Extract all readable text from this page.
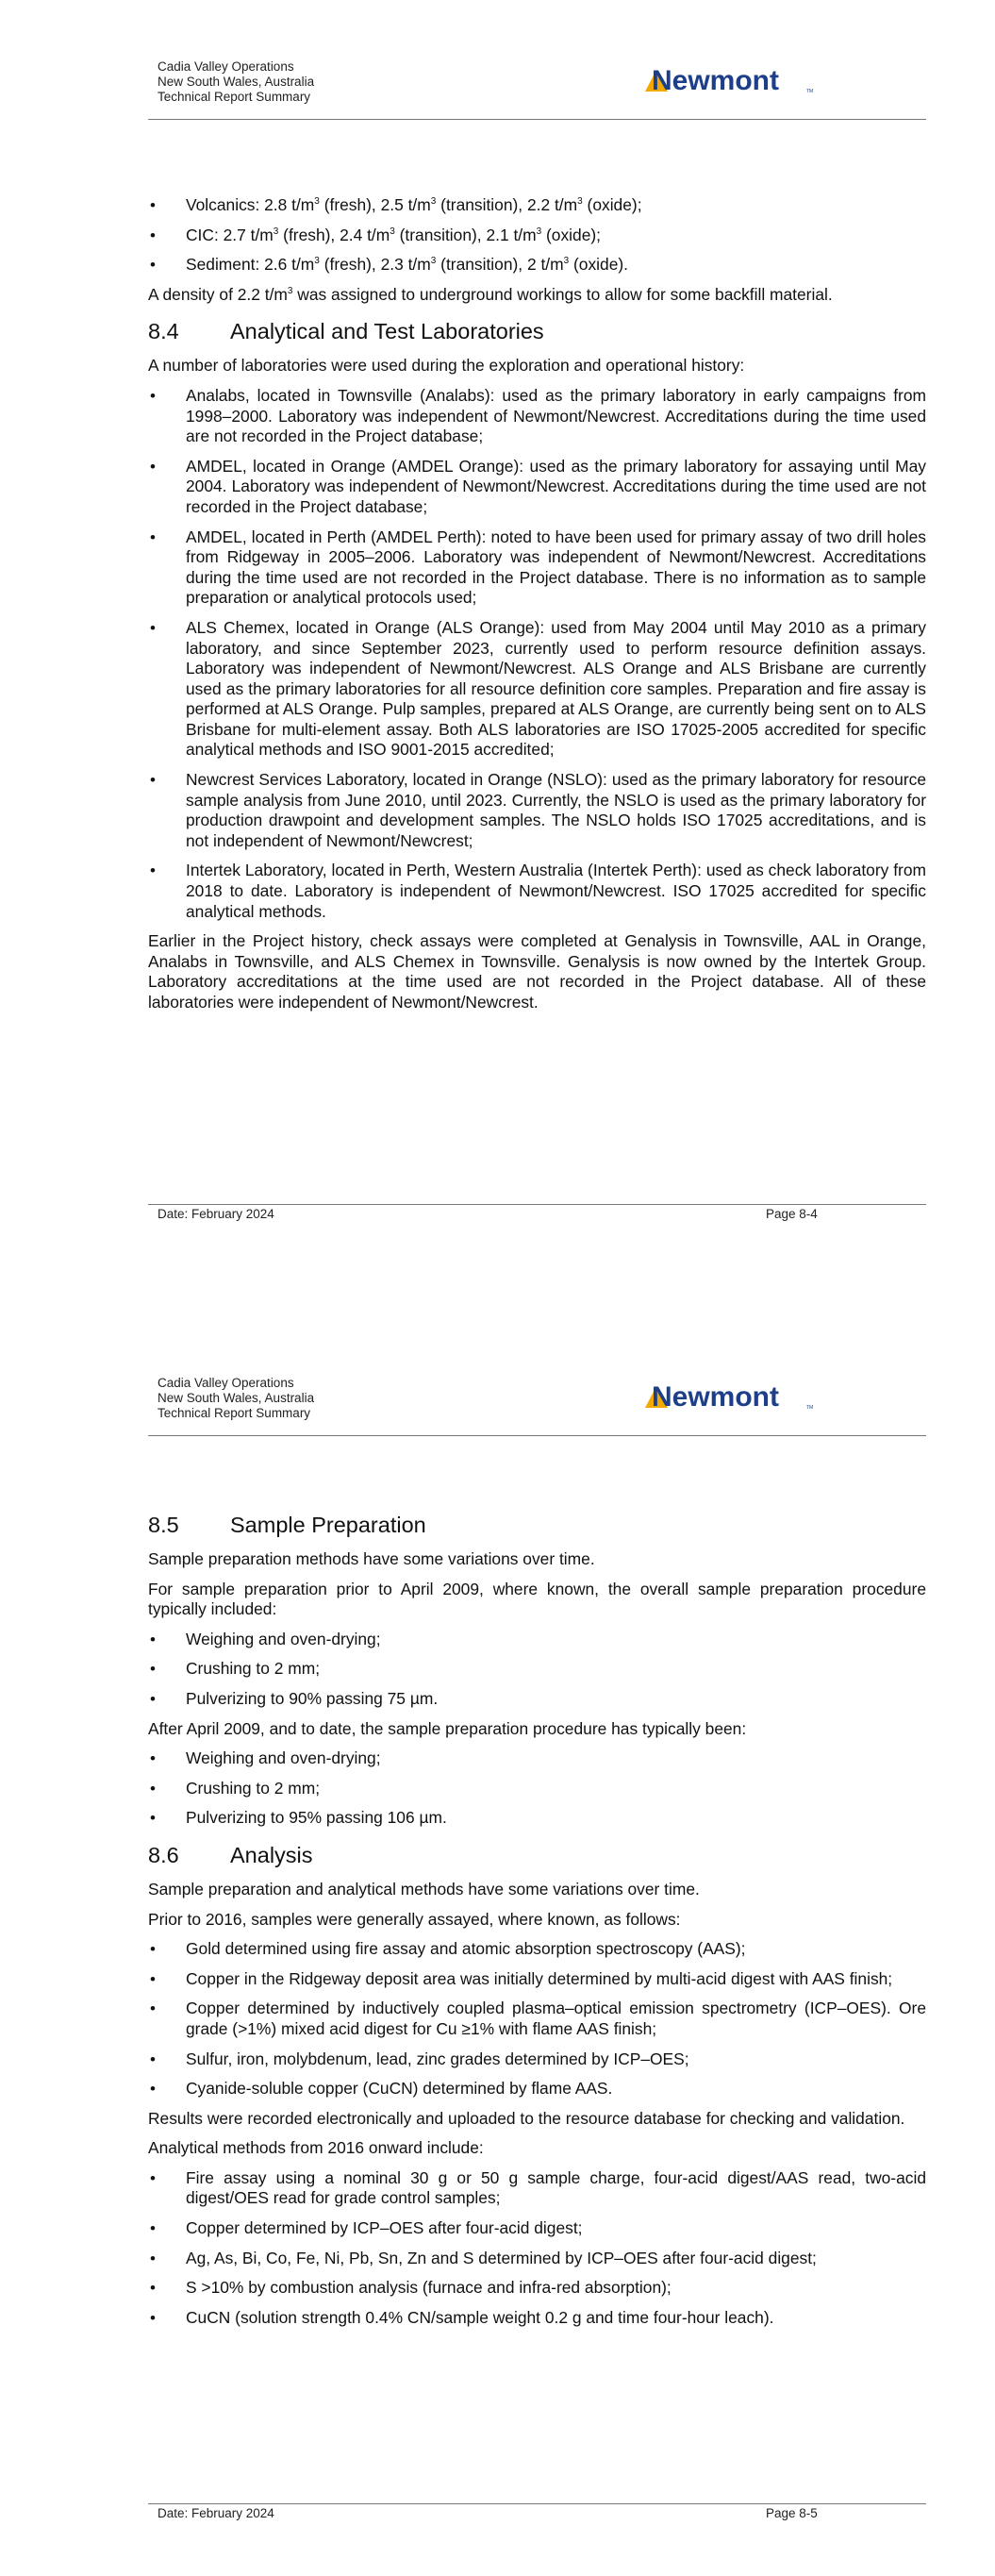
Cadia Valley Operations
New South Wales, Australia
Technical Report Summary
Newmont	TM
• Volcanics: 2.8 $t/m^3$ (fresh), 2.5 $t/m^3$ (transition), 2.2 $t/m^3$ (oxide);
• CIC: 2.7 $t/m^3$ (fresh), 2.4 $t/m^3$ (transition), 2.1 $t/m^3$ (oxide);
• Sediment: 2.6 $t/m^3$ (fresh), 2.3 $t/m^3$ (transition), 2 $t/m^3$ (oxide).

A density of 2.2 $t/m^3$ was assigned to underground workings to allow for some backfill material.

8.4 Analytical and Test Laboratories

A number of laboratories were used during the exploration and operational history:

• Analabs, located in Townsville (Analabs): used as the primary laboratory in early campaigns from 1998–2000. Laboratory was independent of Newmont/Newcrest. Accreditations during the time used are not recorded in the Project database;
• AMDEL, located in Orange (AMDEL Orange): used as the primary laboratory for assaying until May 2004. Laboratory was independent of Newmont/Newcrest. Accreditations during the time used are not recorded in the Project database;
• AMDEL, located in Perth (AMDEL Perth): noted to have been used for primary assay of two drill holes from Ridgeway in 2005–2006. Laboratory was independent of Newmont/Newcrest. Accreditations during the time used are not recorded in the Project database. There is no information as to sample preparation or analytical protocols used;
• ALS Chemex, located in Orange (ALS Orange): used from May 2004 until May 2010 as a primary laboratory, and since September 2023, currently used to perform resource definition assays. Laboratory was independent of Newmont/Newcrest. ALS Orange and ALS Brisbane are currently used as the primary laboratories for all resource definition core samples. Preparation and fire assay is performed at ALS Orange. Pulp samples, prepared at ALS Orange, are currently being sent on to ALS Brisbane for multi-element assay. Both ALS laboratories are ISO 17025-2005 accredited for specific analytical methods and ISO 9001-2015 accredited;
• Newcrest Services Laboratory, located in Orange (NSLO): used as the primary laboratory for resource sample analysis from June 2010, until 2023. Currently, the NSLO is used as the primary laboratory for production drawpoint and development samples. The NSLO holds ISO 17025 accreditations, and is not independent of Newmont/Newcrest;
• Intertek Laboratory, located in Perth, Western Australia (Intertek Perth): used as check laboratory from 2018 to date. Laboratory is independent of Newmont/Newcrest. ISO 17025 accredited for specific analytical methods.

Earlier in the Project history, check assays were completed at Genalysis in Townsville, AAL in Orange, Analabs in Townsville, and ALS Chemex in Townsville. Genalysis is now owned by the Intertek Group. Laboratory accreditations at the time used are not recorded in the Project database. All of these laboratories were independent of Newmont/Newcrest.

Date: February 2024	Page 8-4
Cadia Valley Operations
New South Wales, Australia
Technical Report Summary
Newmont	TM
8.5 Sample Preparation

Sample preparation methods have some variations over time.

For sample preparation prior to April 2009, where known, the overall sample preparation procedure typically included:

• Weighing and oven-drying;
• Crushing to 2 mm;
• Pulverizing to 90% passing 75 µm.

After April 2009, and to date, the sample preparation procedure has typically been:

• Weighing and oven-drying;
• Crushing to 2 mm;
• Pulverizing to 95% passing 106 µm.
8.6 Analysis

Sample preparation and analytical methods have some variations over time.

Prior to 2016, samples were generally assayed, where known, as follows:

• Gold determined using fire assay and atomic absorption spectroscopy (AAS);
• Copper in the Ridgeway deposit area was initially determined by multi-acid digest with AAS finish;
• Copper determined by inductively coupled plasma–optical emission spectrometry (ICP–OES). Ore grade (>1%) mixed acid digest for Cu ≥1% with flame AAS finish;
• Sulfur, iron, molybdenum, lead, zinc grades determined by ICP–OES;
• Cyanide-soluble copper (CuCN) determined by flame AAS.

Results were recorded electronically and uploaded to the resource database for checking and validation.

Analytical methods from 2016 onward include:

• Fire assay using a nominal 30 g or 50 g sample charge, four-acid digest/AAS read, two-acid digest/OES read for grade control samples;
• Copper determined by ICP–OES after four-acid digest;
• Ag, As, Bi, Co, Fe, Ni, Pb, Sn, Zn and S determined by ICP–OES after four-acid digest;
• S >10% by combustion analysis (furnace and infra-red absorption);
• CuCN (solution strength 0.4% CN/sample weight 0.2 g and time four-hour leach).
Date: February 2024	Page 8-5
